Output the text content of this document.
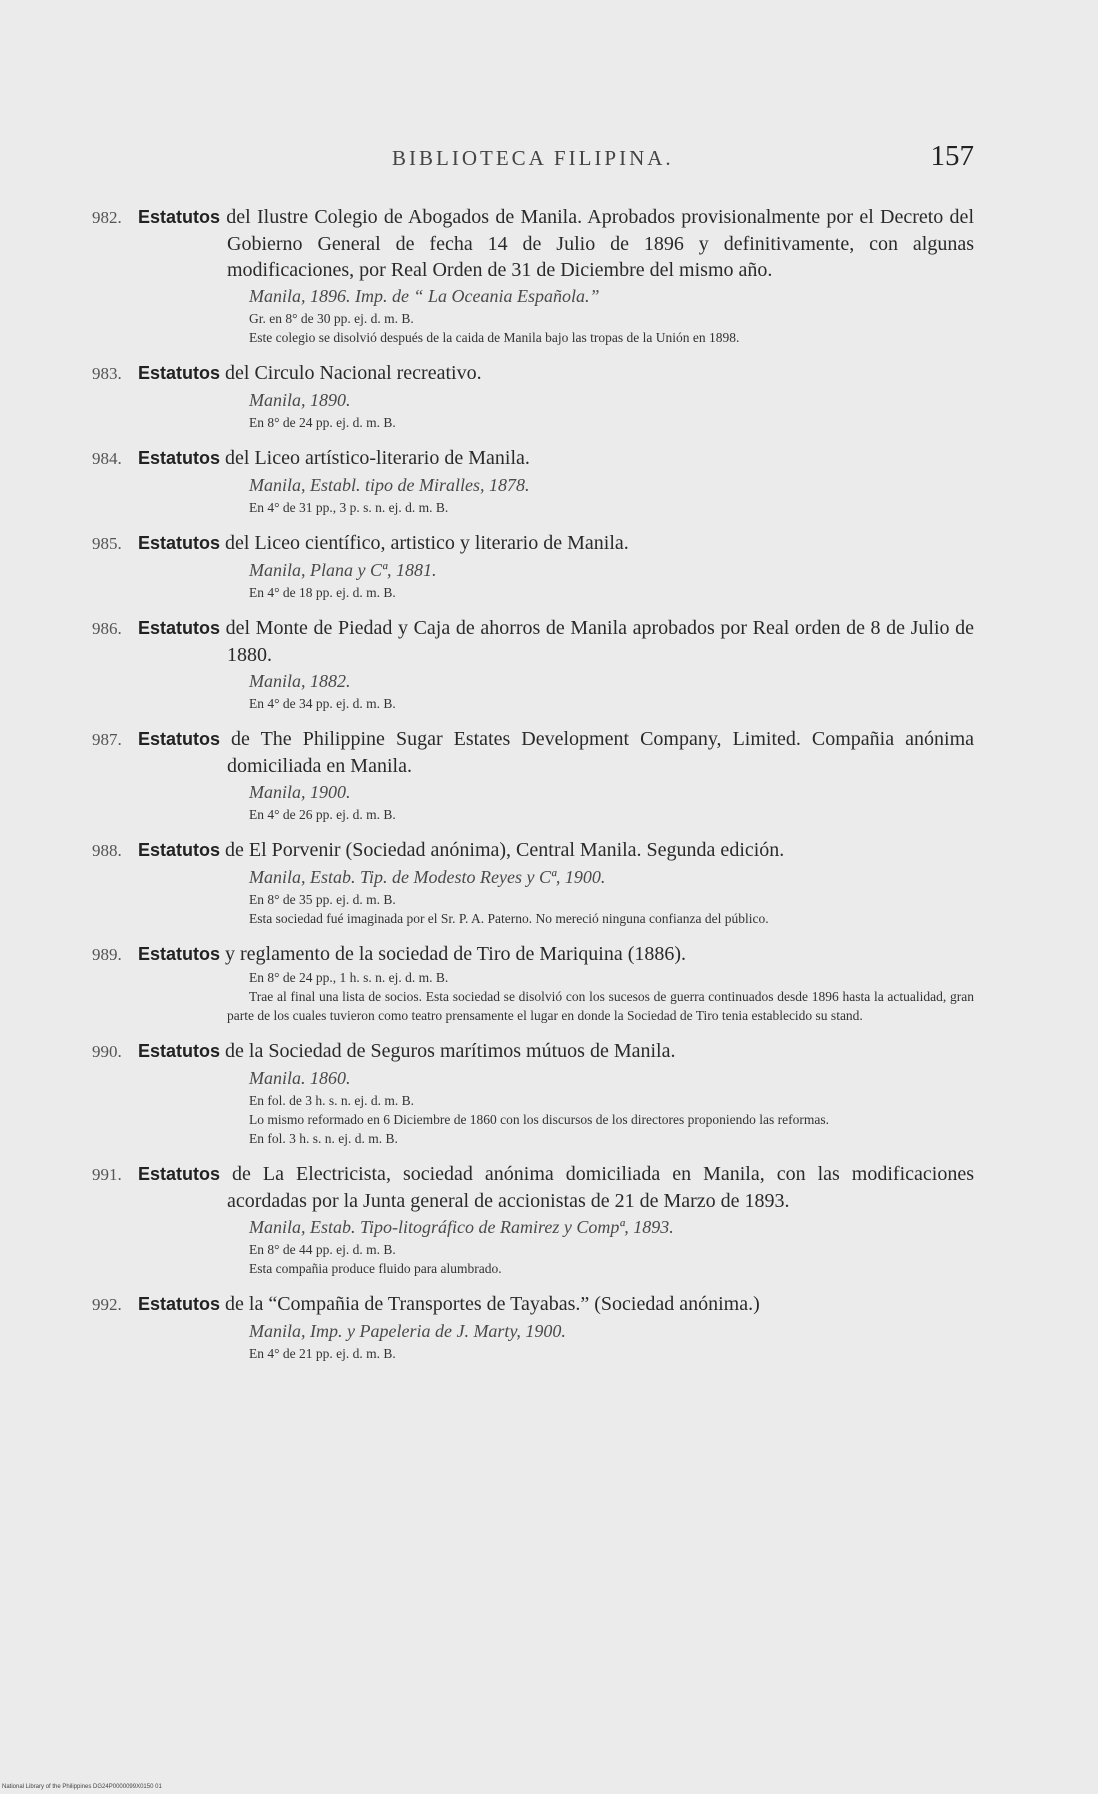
BIBLIOTECA FILIPINA.	157
982. Estatutos del Ilustre Colegio de Abogados de Manila. Aprobados provisionalmente por el Decreto del Gobierno General de fecha 14 de Julio de 1896 y definitivamente, con algunas modificaciones, por Real Orden de 31 de Diciembre del mismo año.
Manila, 1896. Imp. de “ La Oceania Española.”
Gr. en 8° de 30 pp. ej. d. m. B.
Este colegio se disolvió después de la caida de Manila bajo las tropas de la Unión en 1898.
983. Estatutos del Circulo Nacional recreativo.
Manila, 1890.
En 8° de 24 pp. ej. d. m. B.
984. Estatutos del Liceo artístico-literario de Manila.
Manila, Establ. tipo de Miralles, 1878.
En 4° de 31 pp., 3 p. s. n. ej. d. m. B.
985. Estatutos del Liceo científico, artistico y literario de Manila.
Manila, Plana y Cª, 1881.
En 4° de 18 pp. ej. d. m. B.
986. Estatutos del Monte de Piedad y Caja de ahorros de Manila aprobados por Real orden de 8 de Julio de 1880.
Manila, 1882.
En 4° de 34 pp. ej. d. m. B.
987. Estatutos de The Philippine Sugar Estates Development Company, Limited. Compañia anónima domiciliada en Manila.
Manila, 1900.
En 4° de 26 pp. ej. d. m. B.
988. Estatutos de El Porvenir (Sociedad anónima), Central Manila. Segunda edición.
Manila, Estab. Tip. de Modesto Reyes y Cª, 1900.
En 8° de 35 pp. ej. d. m. B.
Esta sociedad fué imaginada por el Sr. P. A. Paterno. No mereció ninguna confianza del público.
989. Estatutos y reglamento de la sociedad de Tiro de Mariquina (1886).
En 8° de 24 pp., 1 h. s. n. ej. d. m. B.
Trae al final una lista de socios. Esta sociedad se disolvió con los sucesos de guerra continuados desde 1896 hasta la actualidad, gran parte de los cuales tuvieron como teatro prensamente el lugar en donde la Sociedad de Tiro tenia establecido su stand.
990. Estatutos de la Sociedad de Seguros marítimos mútuos de Manila.
Manila. 1860.
En fol. de 3 h. s. n. ej. d. m. B.
Lo mismo reformado en 6 Diciembre de 1860 con los discursos de los directores proponiendo las reformas.
En fol. 3 h. s. n. ej. d. m. B.
991. Estatutos de La Electricista, sociedad anónima domiciliada en Manila, con las modificaciones acordadas por la Junta general de accionistas de 21 de Marzo de 1893.
Manila, Estab. Tipo-litográfico de Ramirez y Compª, 1893.
En 8° de 44 pp. ej. d. m. B.
Esta compañia produce fluido para alumbrado.
992. Estatutos de la “Compañia de Transportes de Tayabas.” (Sociedad anónima.)
Manila, Imp. y Papeleria de J. Marty, 1900.
En 4° de 21 pp. ej. d. m. B.
National Library of the Philippines DG24P0000099X0150 01
